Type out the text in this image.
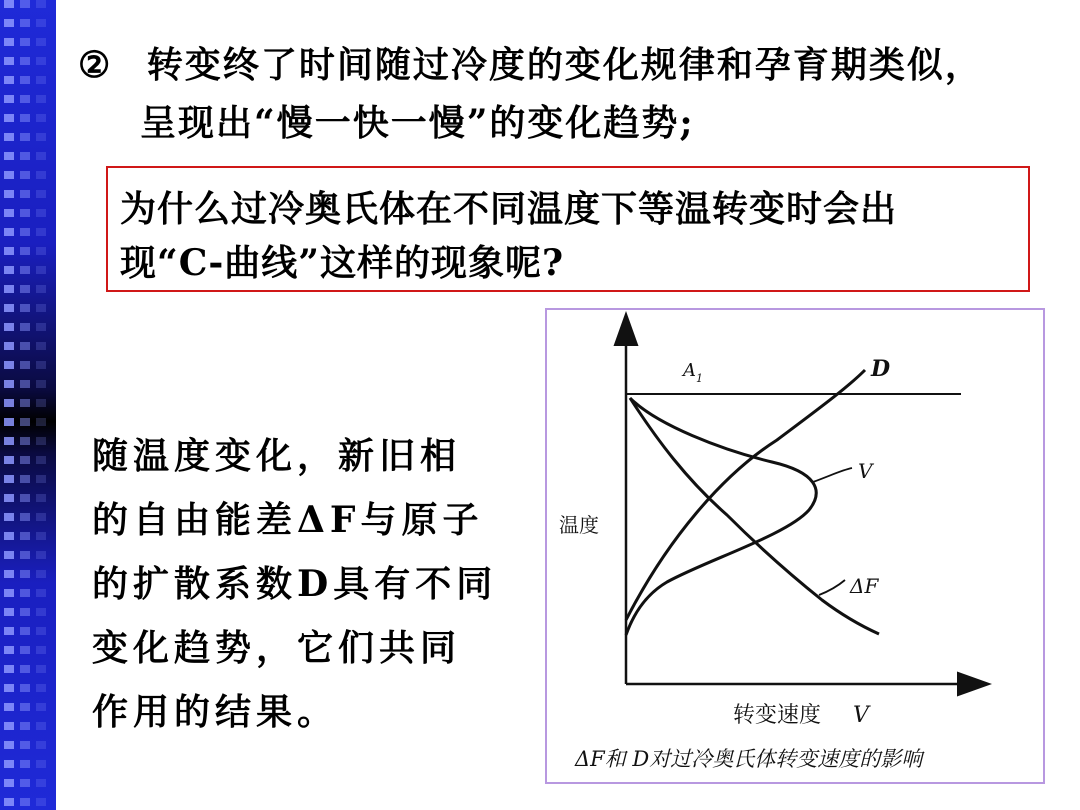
② 转变终了时间随过冷度的变化规律和孕育期类似，
呈现出“慢一快一慢”的变化趋势;
为什么过冷奥氏体在不同温度下等温转变时会出
现“C-曲线”这样的现象呢?
随温度变化，新旧相
的自由能差ΔF与原子
的扩散系数D具有不同
变化趋势，它们共同
作用的结果。
$A_1$	D
V
ΔF
温度
转变速度 V
ΔF和 D对过冷奥氏体转变速度的影响
